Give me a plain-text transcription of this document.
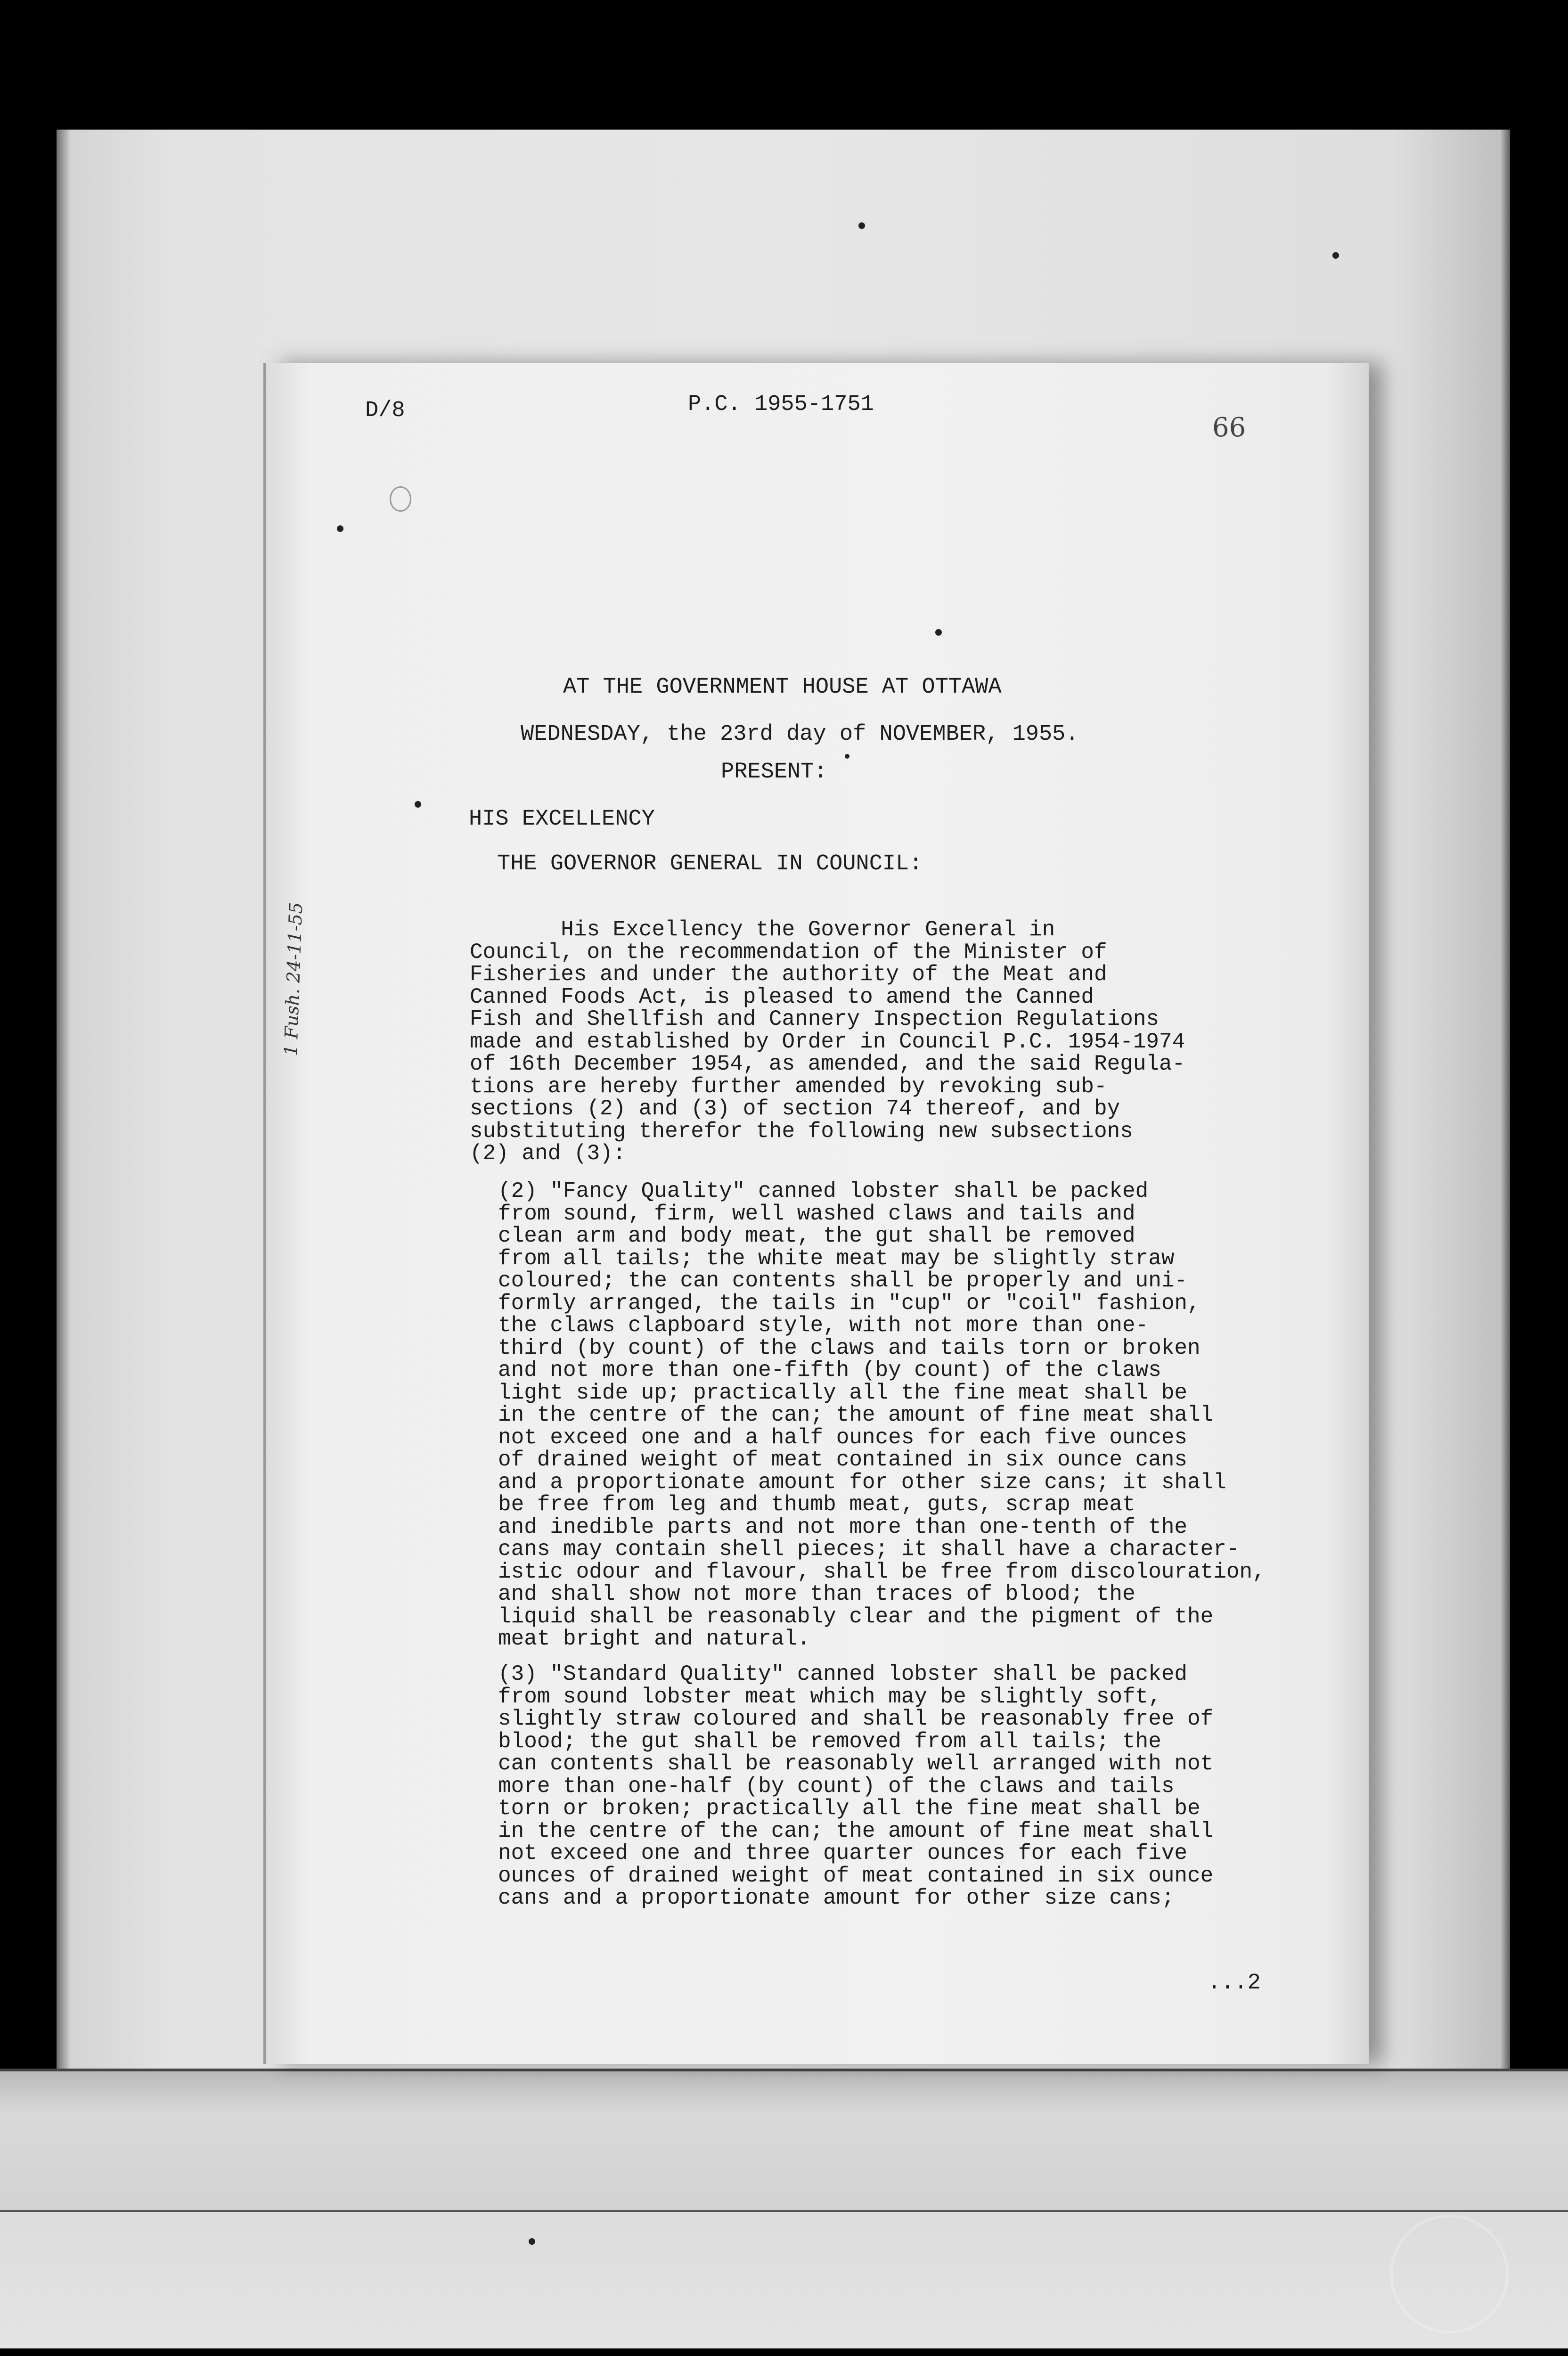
D/8	P.C. 1955-1751
66
AT THE GOVERNMENT HOUSE AT OTTAWA
WEDNESDAY, the 23rd day of NOVEMBER, 1955.
PRESENT:
HIS EXCELLENCY
THE GOVERNOR GENERAL IN COUNCIL:
His Excellency the Governor General in
Council, on the recommendation of the Minister of
Fisheries and under the authority of the Meat and
Canned Foods Act, is pleased to amend the Canned
Fish and Shellfish and Cannery Inspection Regulations
made and established by Order in Council P.C. 1954-1974
of 16th December 1954, as amended, and the said Regula-
tions are hereby further amended by revoking sub-
sections (2) and (3) of section 74 thereof, and by
substituting therefor the following new subsections
(2) and (3):
(2) "Fancy Quality" canned lobster shall be packed
from sound, firm, well washed claws and tails and
clean arm and body meat, the gut shall be removed
from all tails; the white meat may be slightly straw
coloured; the can contents shall be properly and uni-
formly arranged, the tails in "cup" or "coil" fashion,
the claws clapboard style, with not more than one-
third (by count) of the claws and tails torn or broken
and not more than one-fifth (by count) of the claws
light side up; practically all the fine meat shall be
in the centre of the can; the amount of fine meat shall
not exceed one and a half ounces for each five ounces
of drained weight of meat contained in six ounce cans
and a proportionate amount for other size cans; it shall
be free from leg and thumb meat, guts, scrap meat
and inedible parts and not more than one-tenth of the
cans may contain shell pieces; it shall have a character-
istic odour and flavour, shall be free from discolouration,
and shall show not more than traces of blood; the
liquid shall be reasonably clear and the pigment of the
meat bright and natural.
(3) "Standard Quality" canned lobster shall be packed
from sound lobster meat which may be slightly soft,
slightly straw coloured and shall be reasonably free of
blood; the gut shall be removed from all tails; the
can contents shall be reasonably well arranged with not
more than one-half (by count) of the claws and tails
torn or broken; practically all the fine meat shall be
in the centre of the can; the amount of fine meat shall
not exceed one and three quarter ounces for each five
ounces of drained weight of meat contained in six ounce
cans and a proportionate amount for other size cans;
...2
1 Fush. 24-11-55
